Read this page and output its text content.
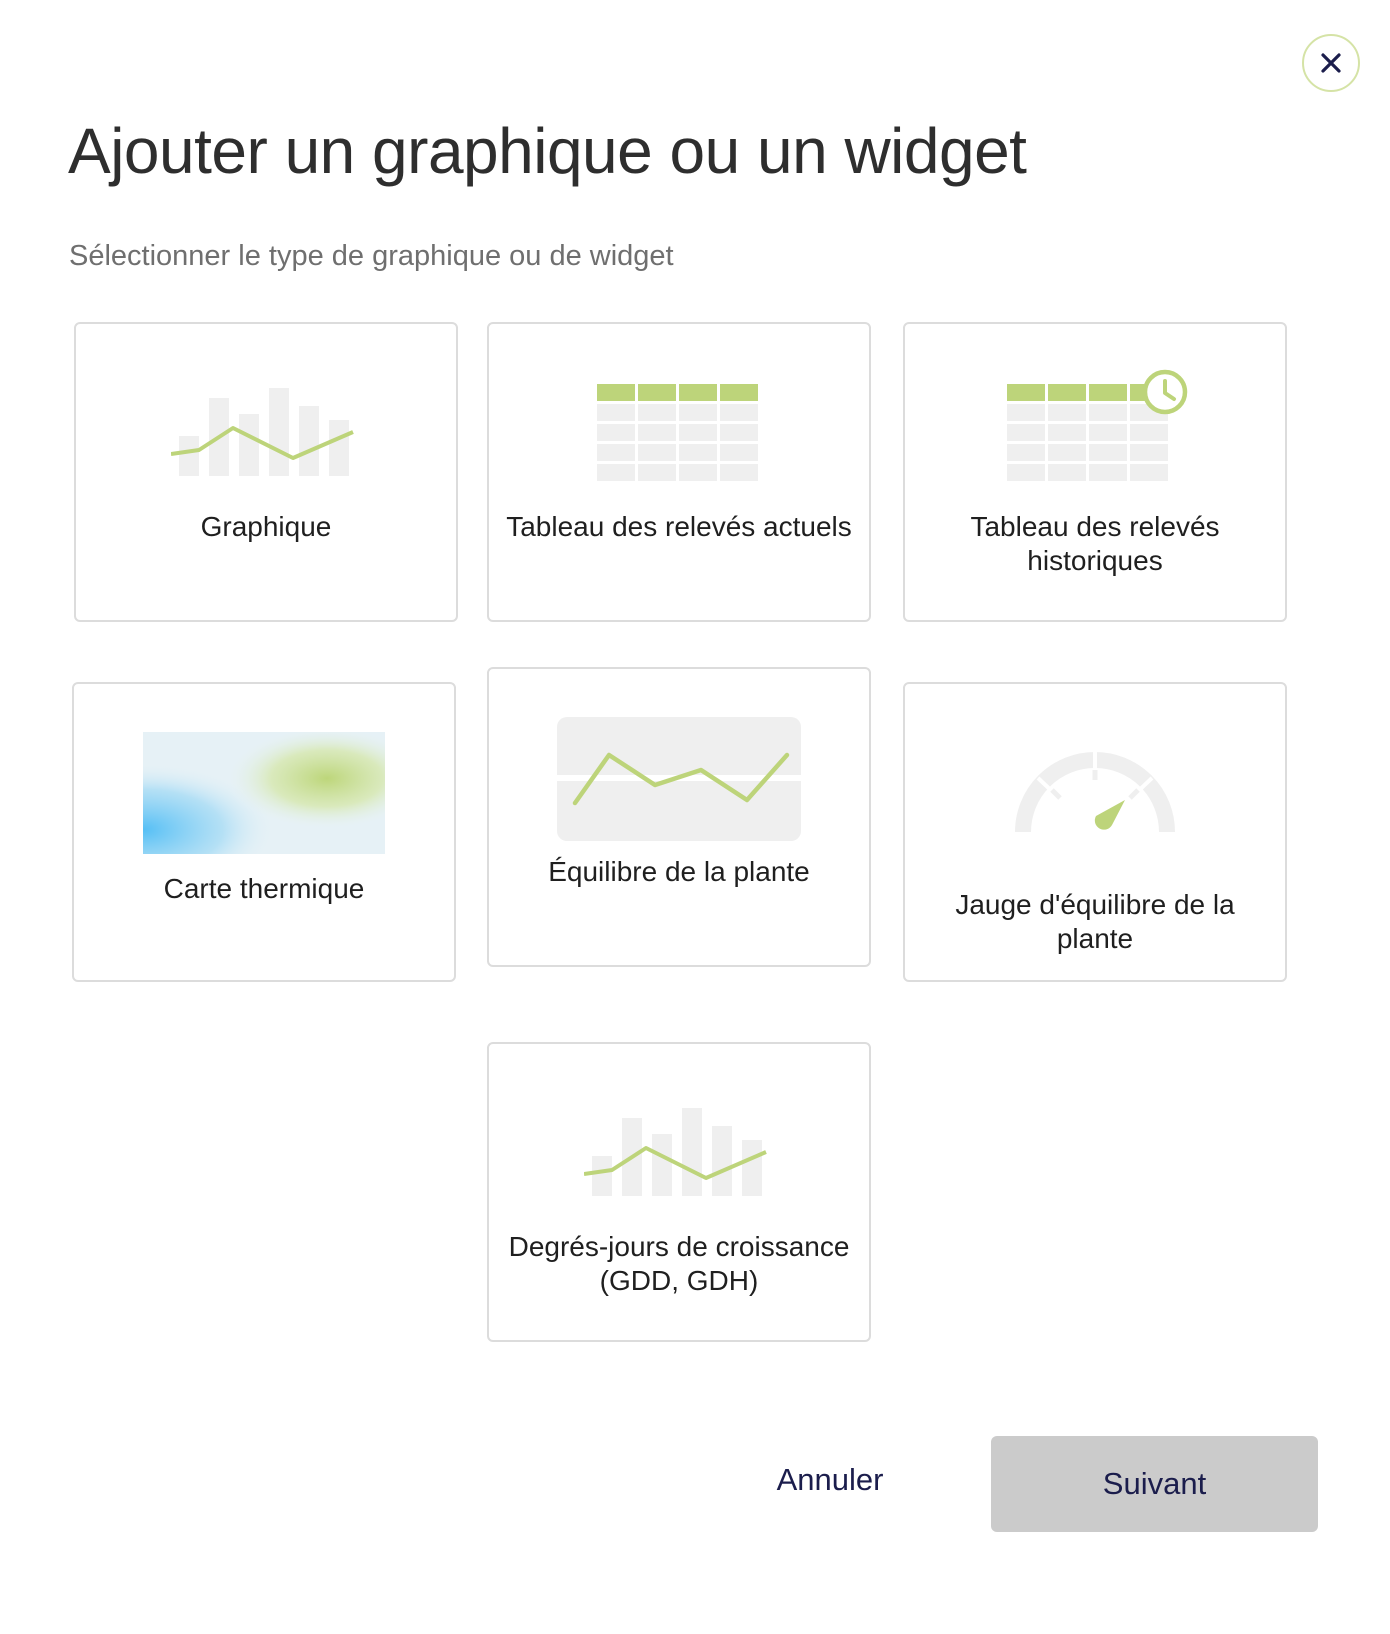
Ajouter un graphique ou un widget

Sélectionner le type de graphique ou de widget

Graphique	Tableau des relevés actuels	Tableau des relevés historiques
Carte thermique
Équilibre de la plante
Jauge d'équilibre de la plante
Degrés-jours de croissance (GDD, GDH)
Annuler	Suivant
